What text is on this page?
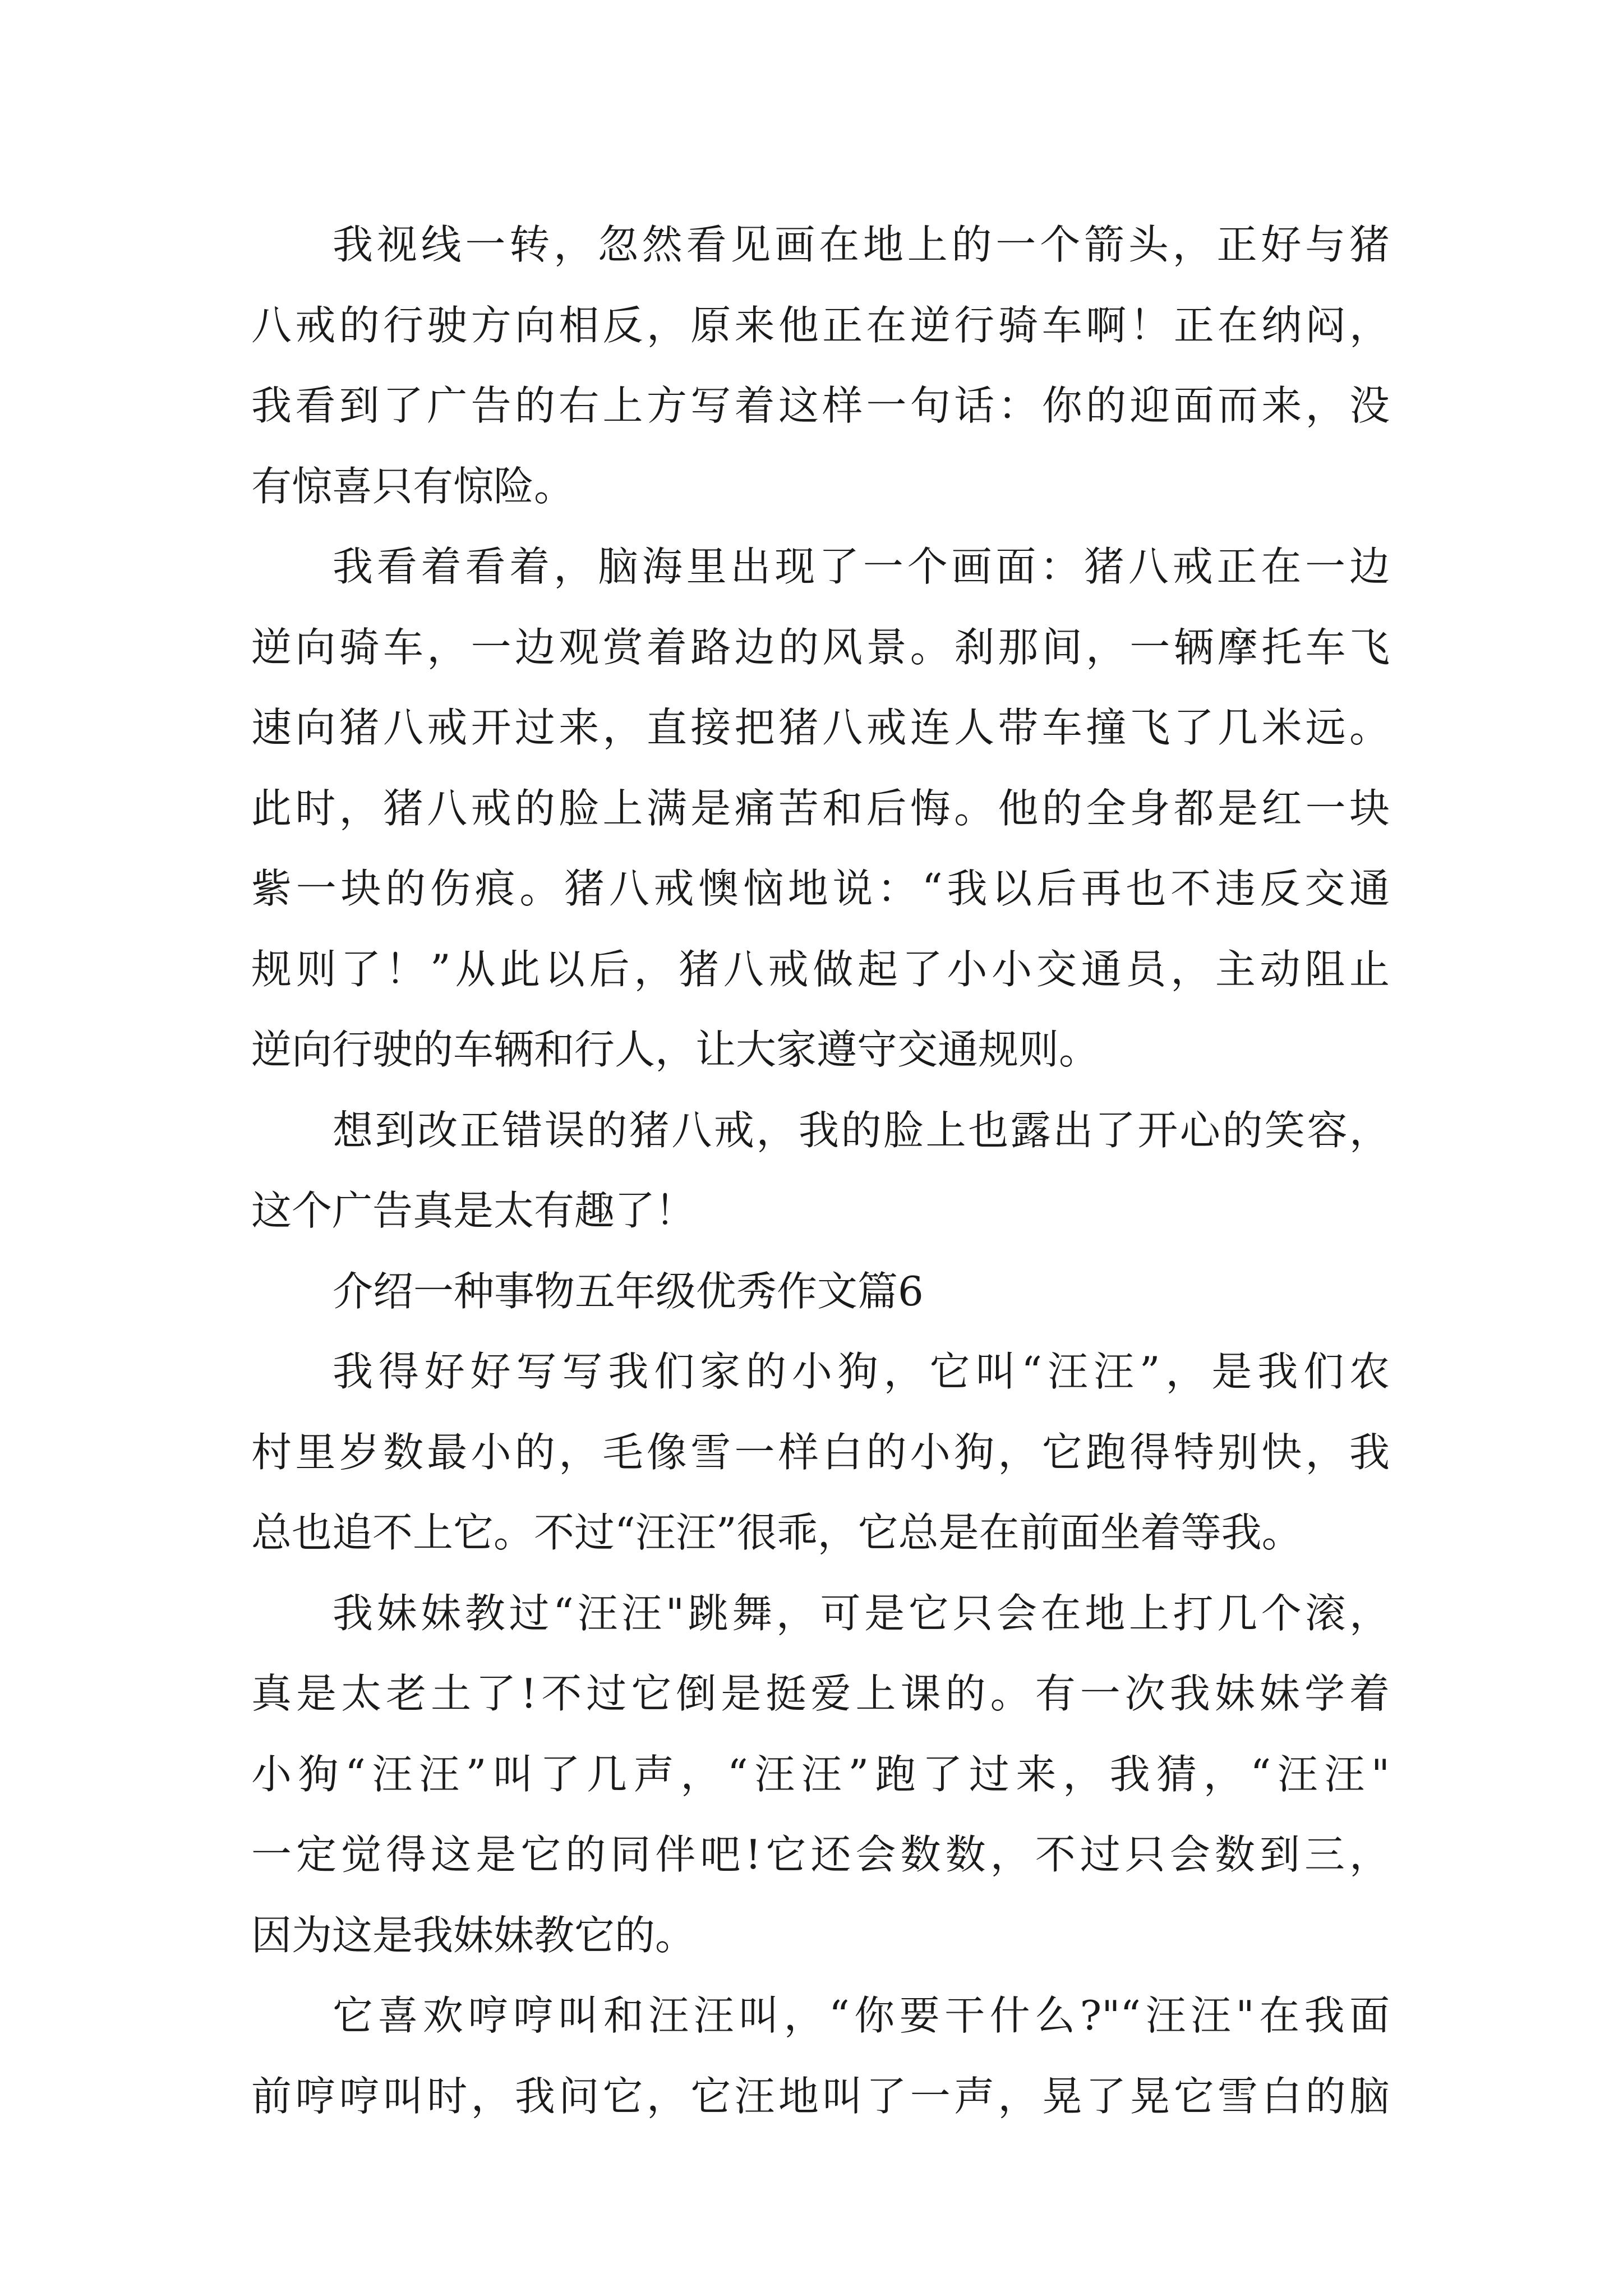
我视线一转，忽然看见画在地上的一个箭头，正好与猪
八戒的行驶方向相反，原来他正在逆行骑车啊！正在纳闷，
我看到了广告的右上方写着这样一句话：你的迎面而来，没
有惊喜只有惊险。
我看着看着，脑海里出现了一个画面：猪八戒正在一边
逆向骑车，一边观赏着路边的风景。刹那间，一辆摩托车飞
速向猪八戒开过来，直接把猪八戒连人带车撞飞了几米远。
此时，猪八戒的脸上满是痛苦和后悔。他的全身都是红一块
紫一块的伤痕。猪八戒懊恼地说：“我以后再也不违反交通
规则了！”从此以后，猪八戒做起了小小交通员，主动阻止
逆向行驶的车辆和行人，让大家遵守交通规则。
想到改正错误的猪八戒，我的脸上也露出了开心的笑容，
这个广告真是太有趣了！
介绍一种事物五年级优秀作文篇6
我得好好写写我们家的小狗，它叫“汪汪”，是我们农
村里岁数最小的，毛像雪一样白的小狗，它跑得特别快，我
总也追不上它。不过“汪汪”很乖，它总是在前面坐着等我。
我妹妹教过“汪汪"跳舞，可是它只会在地上打几个滚，
真是太老土了!不过它倒是挺爱上课的。有一次我妹妹学着
小狗“汪汪”叫了几声，“汪汪”跑了过来，我猜，“汪汪"
一定觉得这是它的同伴吧!它还会数数，不过只会数到三，
因为这是我妹妹教它的。
它喜欢哼哼叫和汪汪叫，“你要干什么?"“汪汪"在我面
前哼哼叫时，我问它，它汪地叫了一声，晃了晃它雪白的脑
